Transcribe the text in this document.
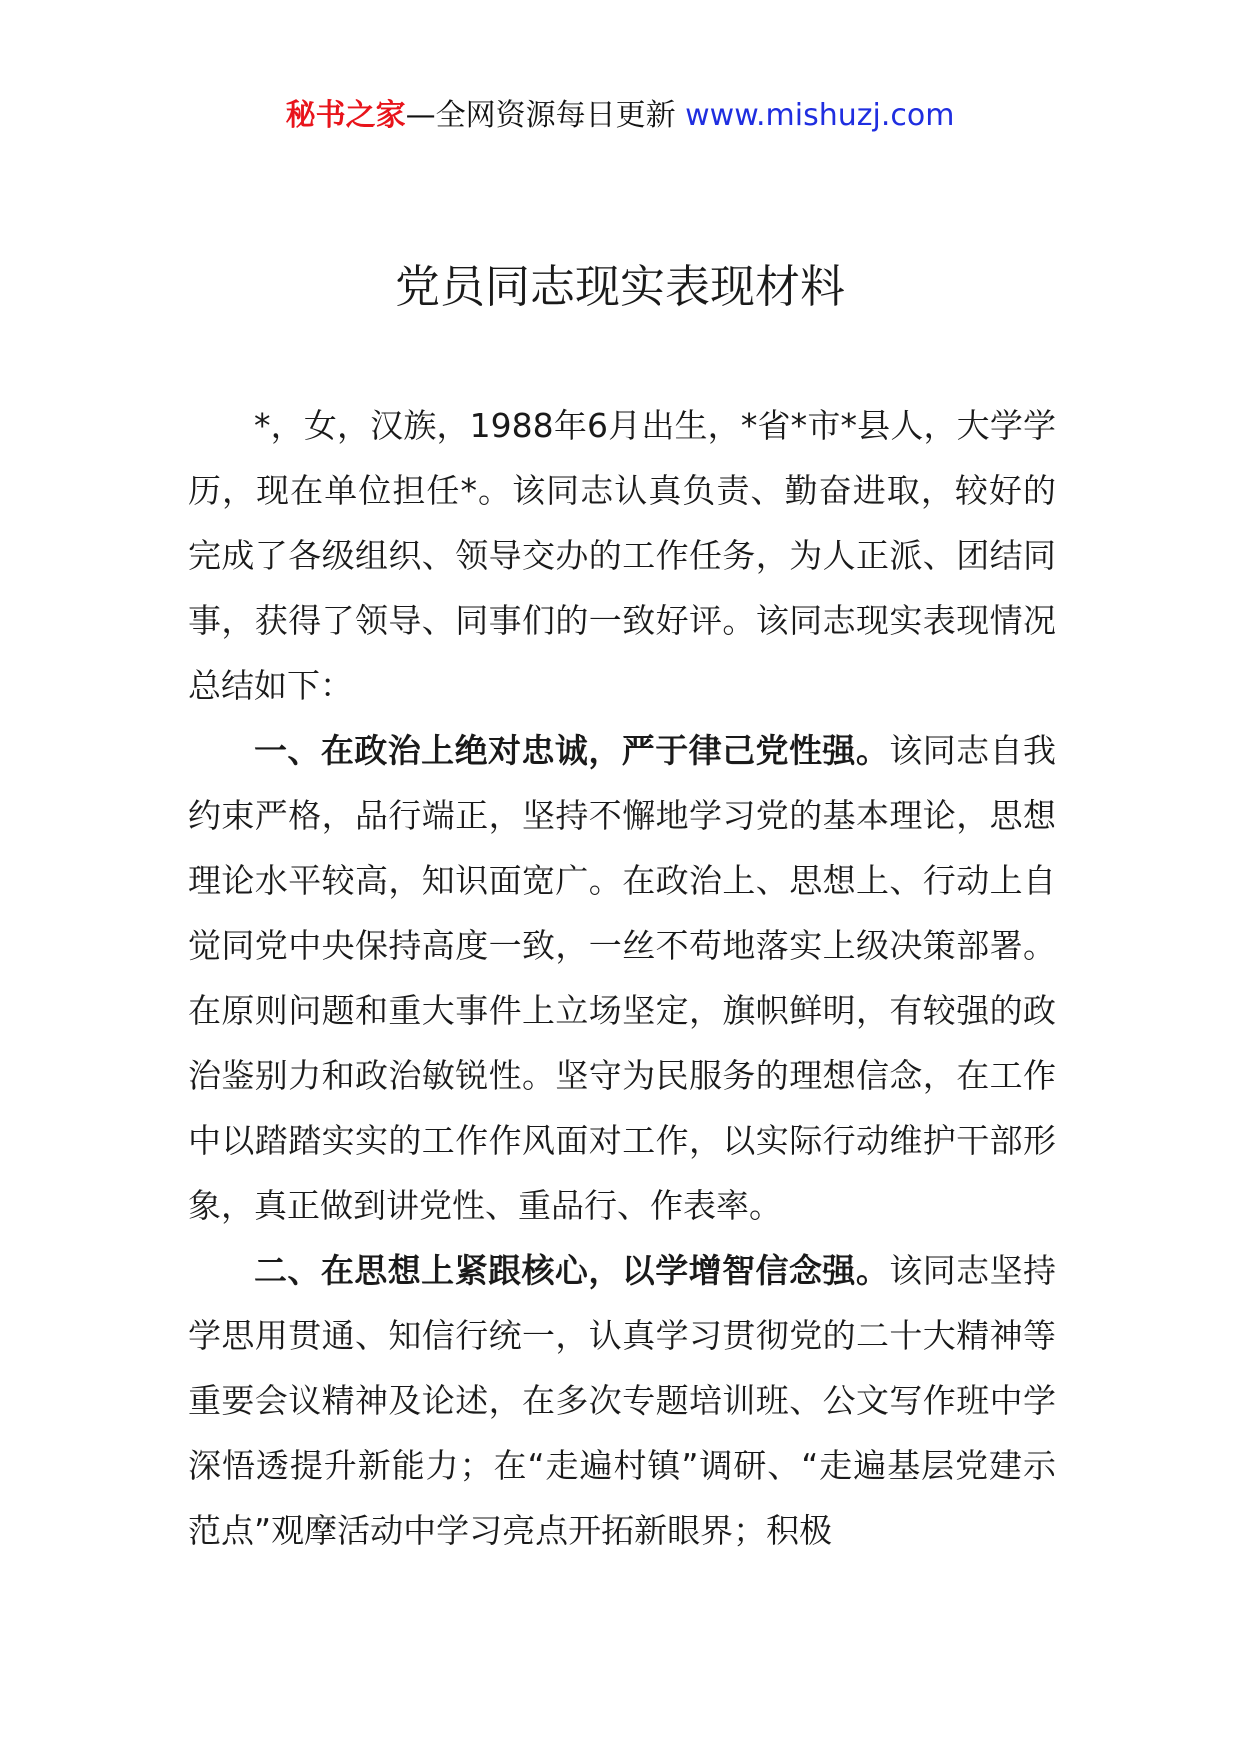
秘书之家—全网资源每日更新 www.mishuzj.com
党员同志现实表现材料

*，女，汉族，1988年6月出生，*省*市*县人，大学学历，现在单位担任*。该同志认真负责、勤奋进取，较好的完成了各级组织、领导交办的工作任务，为人正派、团结同事，获得了领导、同事们的一致好评。该同志现实表现情况总结如下：

一、在政治上绝对忠诚，严于律己党性强。该同志自我约束严格，品行端正，坚持不懈地学习党的基本理论，思想理论水平较高，知识面宽广。在政治上、思想上、行动上自觉同党中央保持高度一致，一丝不苟地落实上级决策部署。在原则问题和重大事件上立场坚定，旗帜鲜明，有较强的政治鉴别力和政治敏锐性。坚守为民服务的理想信念，在工作中以踏踏实实的工作作风面对工作，以实际行动维护干部形象，真正做到讲党性、重品行、作表率。

二、在思想上紧跟核心，以学增智信念强。该同志坚持学思用贯通、知信行统一，认真学习贯彻党的二十大精神等重要会议精神及论述，在多次专题培训班、公文写作班中学深悟透提升新能力；在“走遍村镇”调研、“走遍基层党建示范点”观摩活动中学习亮点开拓新眼界；积极
